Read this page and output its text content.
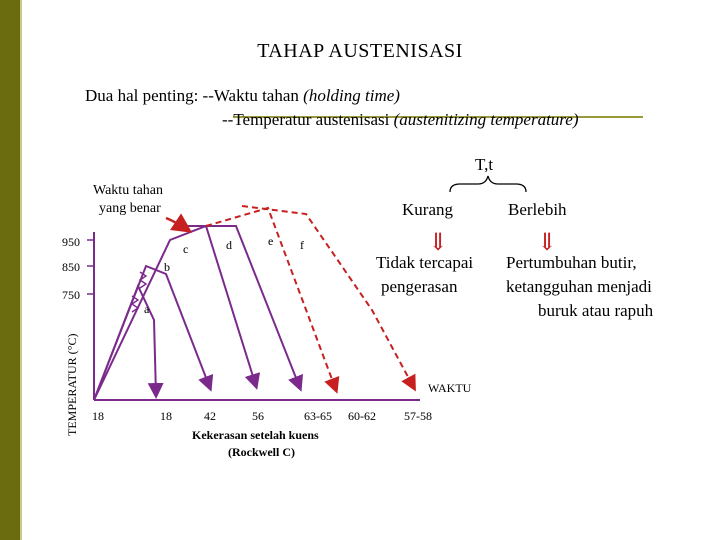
TAHAP AUSTENISASI
Dua hal penting: --Waktu tahan (holding time)
--Temperatur austenisasi (austenitizing temperature)
950
850
750
TEMPERATUR (°C)
a
b
c	d	e f
Waktu tahan
yang benar
T,t
Kurang	Berlebih
⇓	⇓
Tidak tercapai
pengerasan
Pertumbuhan butir,
ketangguhan menjadi
buruk atau rapuh
WAKTU
18	18	42	56	63-65 60-62 57-58
Kekerasan setelah kuens
(Rockwell C)
